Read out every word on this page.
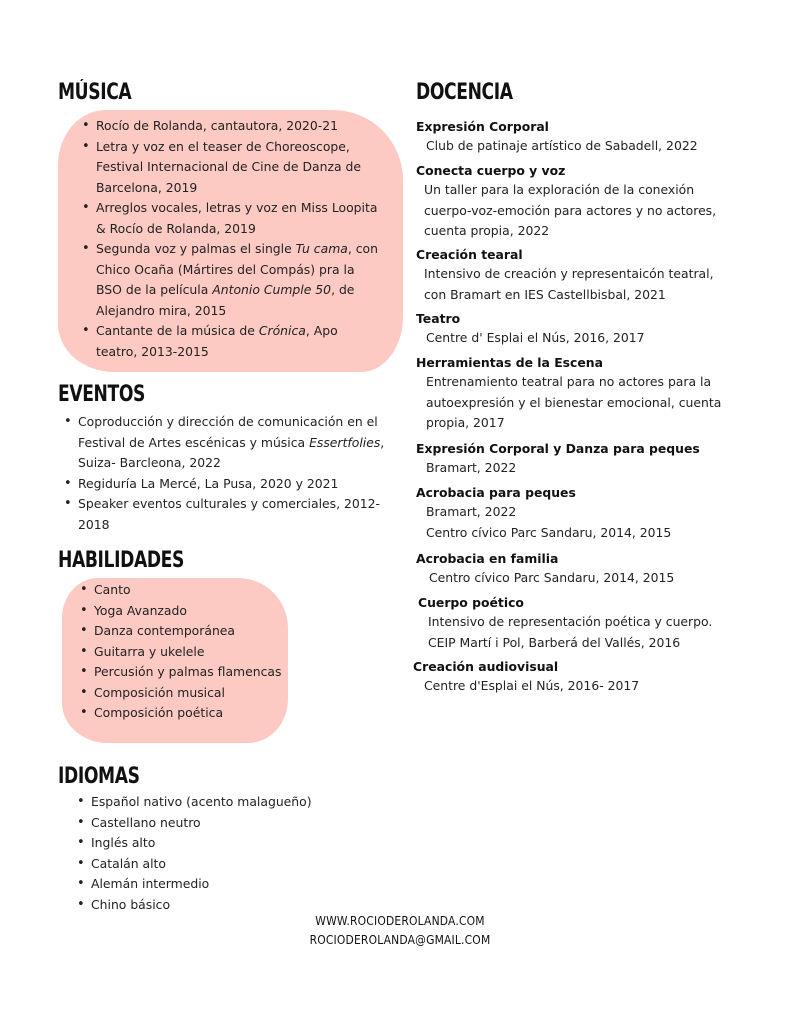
MÚSICA
• Rocío de Rolanda, cantautora, 2020-21
• Letra y voz en el teaser de Choreoscope, Festival Internacional de Cine de Danza de Barcelona, 2019
• Arreglos vocales, letras y voz en Miss Loopita & Rocío de Rolanda, 2019
• Segunda voz y palmas el single Tu cama, con Chico Ocaña (Mártires del Compás) pra la BSO de la película Antonio Cumple 50, de Alejandro mira, 2015
• Cantante de la música de Crónica, Apo teatro, 2013-2015
EVENTOS
• Coproducción y dirección de comunicación en el Festival de Artes escénicas y música Essertfolies, Suiza- Barcleona, 2022
• Regiduría La Mercé, La Pusa, 2020 y 2021
• Speaker eventos culturales y comerciales, 2012-2018
HABILIDADES
• Canto
• Yoga Avanzado
• Danza contemporánea
• Guitarra y ukelele
• Percusión y palmas flamencas
• Composición musical
• Composición poética
IDIOMAS
• Español nativo (acento malagueño)
• Castellano neutro
• Inglés alto
• Catalán alto
• Alemán intermedio
• Chino básico
DOCENCIA
Expresión Corporal
Club de patinaje artístico de Sabadell, 2022
Conecta cuerpo y voz
Un taller para la exploración de la conexión
cuerpo-voz-emoción para actores y no actores,
cuenta propia, 2022
Creación tearal
Intensivo de creación y representaicón teatral,
con Bramart en IES Castellbisbal, 2021
Teatro
Centre d' Esplai el Nús, 2016, 2017
Herramientas de la Escena
Entrenamiento teatral para no actores para la
autoexpresión y el bienestar emocional, cuenta
propia, 2017
Expresión Corporal y Danza para peques
Bramart, 2022
Acrobacia para peques
Bramart, 2022
Centro cívico Parc Sandaru, 2014, 2015
Acrobacia en familia
Centro cívico Parc Sandaru, 2014, 2015
Cuerpo poético
Intensivo de representación poética y cuerpo.
CEIP Martí i Pol, Barberá del Vallés, 2016
Creación audiovisual
Centre d'Esplai el Nús, 2016- 2017
WWW.ROCIODEROLANDA.COM
ROCIODEROLANDA@GMAIL.COM
